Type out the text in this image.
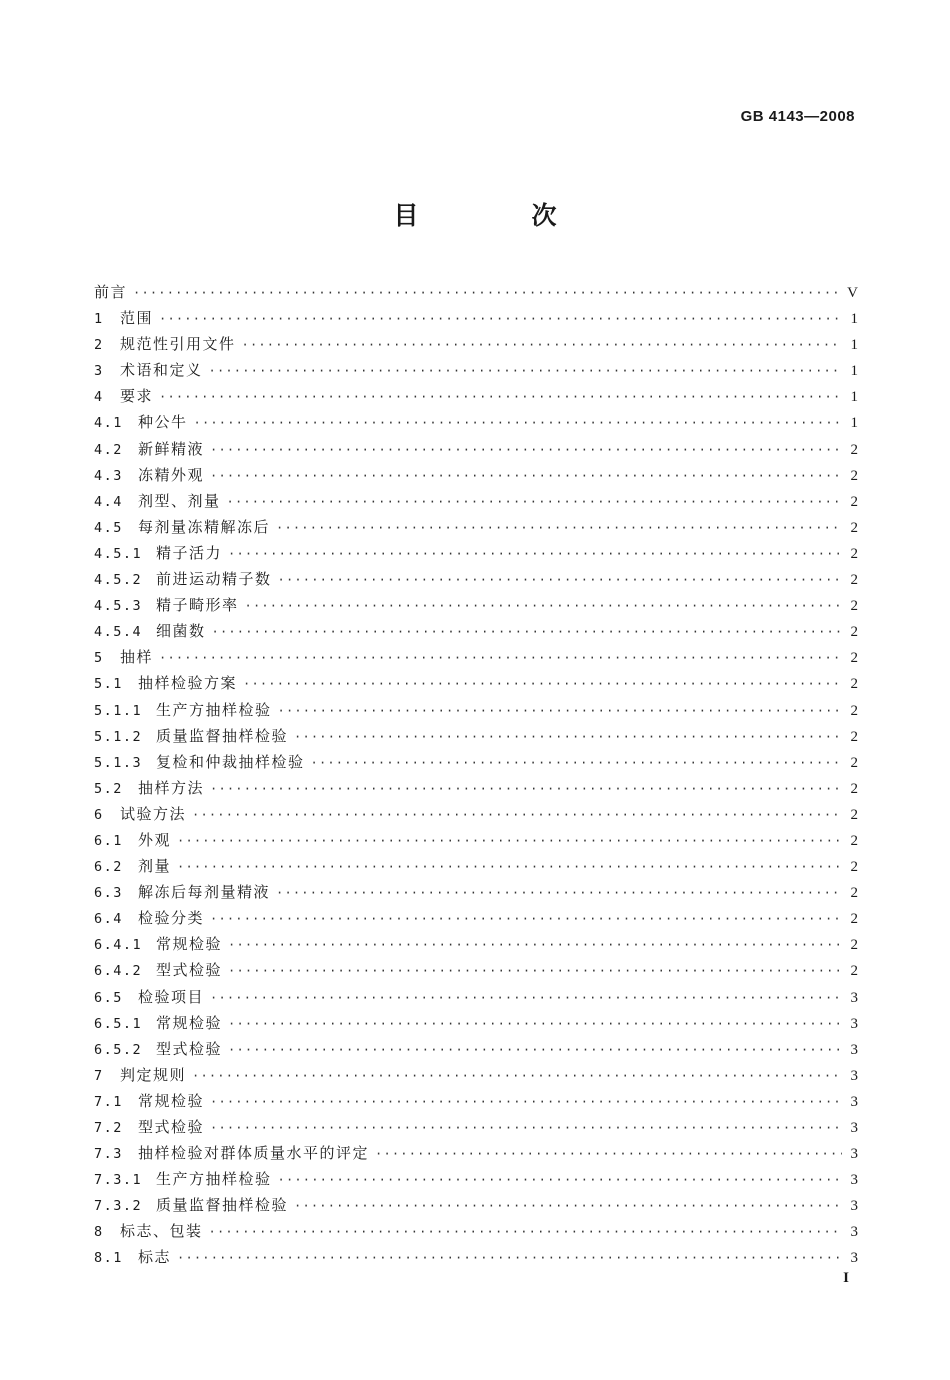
GB 4143—2008
目　次
前言 ·····	V
1	范围 ·····	1
2	规范性引用文件 ·····	1
3	术语和定义 ·····	1
4	要求 ·····	1
4.1	种公牛 ·····	1
4.2	新鲜精液 ·····	2
4.3	冻精外观 ·····	2
4.4	剂型、剂量 ·····	2
4.5	每剂量冻精解冻后 ·····	2
4.5.1 精子活力 ·····	2
4.5.2 前进运动精子数 ·····	2
4.5.3 精子畸形率 ·····	2
4.5.4 细菌数 ·····	2
5	抽样 ·····	2
5.1	抽样检验方案 ·····	2
5.1.1 生产方抽样检验 ·····	2
5.1.2 质量监督抽样检验 ·····	2
5.1.3 复检和仲裁抽样检验 ·····	2
5.2	抽样方法 ·····	2
6	试验方法 ·····	2
6.1	外观 ·····	2
6.2	剂量 ·····	2
6.3	解冻后每剂量精液 ·····	2
6.4	检验分类 ·····	2
6.4.1 常规检验 ·····	2
6.4.2 型式检验 ·····	2
6.5	检验项目 ·····	3
6.5.1 常规检验 ·····	3
6.5.2 型式检验 ·····	3
7	判定规则 ·····	3
7.1	常规检验 ·····	3
7.2	型式检验 ·····	3
7.3	抽样检验对群体质量水平的评定 ·····	3
7.3.1 生产方抽样检验 ·····	3
7.3.2 质量监督抽样检验 ·····	3
8	标志、包装 ·····	3
8.1	标志 ·····	3
I
